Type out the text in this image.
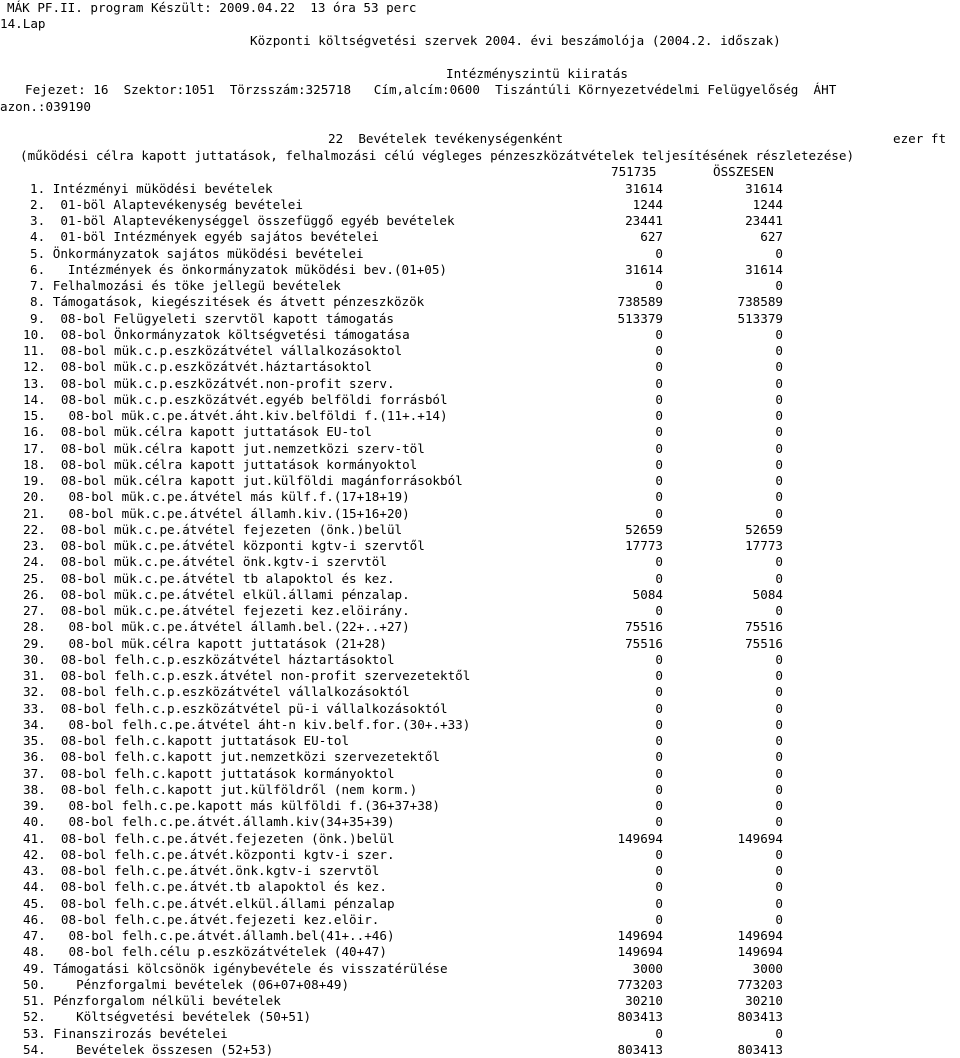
MÁK PF.II. program Készült: 2009.04.22  13 óra 53 perc

14.Lap

Központi költségvetési szervek 2004. évi beszámolója (2004.2. időszak)

Intézményszintü kiiratás

Fejezet: 16  Szektor:1051  Törzsszám:325718   Cím,alcím:0600  Tiszántúli Környezetvédelmi Felügyelőség  ÁHT

azon.:039190

22  Bevételek tevékenységenként

	ezer ft

(működési célra kapott juttatások, felhalmozási célú végleges pénzeszközátvételek teljesítésének részletezése)

751735

	ÖSSZESEN

1. Intézményi müködési bevételek	31614	31614
2.  01-böl Alaptevékenység bevételei	1244	1244
3.  01-böl Alaptevékenységgel összefüggő egyéb bevételek	23441	23441
4.  01-böl Intézmények egyéb sajátos bevételei	627	627
5. Önkormányzatok sajátos müködési bevételei	0	0
6.   Intézmények és önkormányzatok müködési bev.(01+05)	31614	31614
7. Felhalmozási és töke jellegü bevételek	0	0
8. Támogatások, kiegészitések és átvett pénzeszközök	738589	738589
9.  08-bol Felügyeleti szervtöl kapott támogatás	513379	513379
10.  08-bol Önkormányzatok költségvetési támogatása	0	0
11.  08-bol mük.c.p.eszközátvétel vállalkozásoktol	0	0
12.  08-bol mük.c.p.eszközátvét.háztartásoktol	0	0
13.  08-bol mük.c.p.eszközátvét.non-profit szerv.	0	0
14.  08-bol mük.c.p.eszközátvét.egyéb belföldi forrásból	0	0
15.   08-bol mük.c.pe.átvét.áht.kiv.belföldi f.(11+.+14)	0	0
16.  08-bol mük.célra kapott juttatások EU-tol	0	0
17.  08-bol mük.célra kapott jut.nemzetközi szerv-töl	0	0
18.  08-bol mük.célra kapott juttatások kormányoktol	0	0
19.  08-bol mük.célra kapott jut.külföldi magánforrásokból	0	0
20.   08-bol mük.c.pe.átvétel más külf.f.(17+18+19)	0	0
21.   08-bol mük.c.pe.átvétel államh.kiv.(15+16+20)	0	0
22.  08-bol mük.c.pe.átvétel fejezeten (önk.)belül	52659	52659
23.  08-bol mük.c.pe.átvétel központi kgtv-i szervtől	17773	17773
24.  08-bol mük.c.pe.átvétel önk.kgtv-i szervtöl	0	0
25.  08-bol mük.c.pe.átvétel tb alapoktol és kez.	0	0
26.  08-bol mük.c.pe.átvétel elkül.állami pénzalap.	5084	5084
27.  08-bol mük.c.pe.átvétel fejezeti kez.elöirány.	0	0
28.   08-bol mük.c.pe.átvétel államh.bel.(22+..+27)	75516	75516
29.   08-bol mük.célra kapott juttatások (21+28)	75516	75516
30.  08-bol felh.c.p.eszközátvétel háztartásoktol	0	0
31.  08-bol felh.c.p.eszk.átvétel non-profit szervezetektől	0	0
32.  08-bol felh.c.p.eszközátvétel vállalkozásoktól	0	0
33.  08-bol felh.c.p.eszközátvétel pü-i vállalkozásoktól	0	0
34.   08-bol felh.c.pe.átvétel áht-n kiv.belf.for.(30+.+33)	0	0
35.  08-bol felh.c.kapott juttatások EU-tol	0	0
36.  08-bol felh.c.kapott jut.nemzetközi szervezetektől	0	0
37.  08-bol felh.c.kapott juttatások kormányoktol	0	0
38.  08-bol felh.c.kapott jut.külföldről (nem korm.)	0	0
39.   08-bol felh.c.pe.kapott más külföldi f.(36+37+38)	0	0
40.   08-bol felh.c.pe.átvét.államh.kiv(34+35+39)	0	0
41.  08-bol felh.c.pe.átvét.fejezeten (önk.)belül	149694	149694
42.  08-bol felh.c.pe.átvét.központi kgtv-i szer.	0	0
43.  08-bol felh.c.pe.átvét.önk.kgtv-i szervtöl	0	0
44.  08-bol felh.c.pe.átvét.tb alapoktol és kez.	0	0
45.  08-bol felh.c.pe.átvét.elkül.állami pénzalap	0	0
46.  08-bol felh.c.pe.átvét.fejezeti kez.elöir.	0	0
47.   08-bol felh.c.pe.átvét.államh.bel(41+..+46)	149694	149694
48.   08-bol felh.célu p.eszközátvételek (40+47)	149694	149694
49. Támogatási kölcsönök igénybevétele és visszatérülése	3000	3000
50.    Pénzforgalmi bevételek (06+07+08+49)	773203	773203
51. Pénzforgalom nélküli bevételek	30210	30210
52.    Költségvetési bevételek (50+51)	803413	803413
53. Finanszirozás bevételei	0	0
54.    Bevételek összesen (52+53)	803413	803413
